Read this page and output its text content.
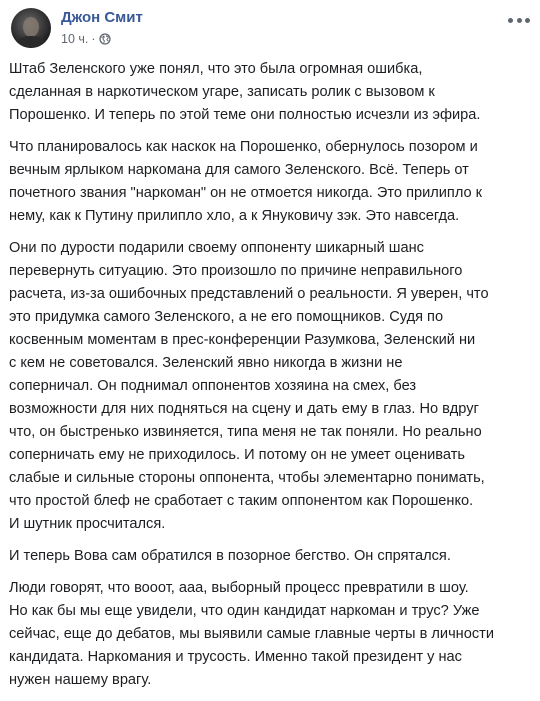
Джон Смит
10 ч. ·

Штаб Зеленского уже понял, что это была огромная ошибка,
сделанная в наркотическом угаре, записать ролик с вызовом к
Порошенко. И теперь по этой теме они полностью исчезли из эфира.

Что планировалось как наскок на Порошенко, обернулось позором и
вечным ярлыком наркомана для самого Зеленского. Всё. Теперь от
почетного звания "наркоман" он не отмоется никогда. Это прилипло к
нему, как к Путину прилипло хло, а к Януковичу зэк. Это навсегда.

Они по дурости подарили своему оппоненту шикарный шанс
перевернуть ситуацию. Это произошло по причине неправильного
расчета, из-за ошибочных представлений о реальности. Я уверен, что
это придумка самого Зеленского, а не его помощников. Судя по
косвенным моментам в прес-конференции Разумкова, Зеленский ни
с кем не советовался. Зеленский явно никогда в жизни не
соперничал. Он поднимал оппонентов хозяина на смех, без
возможности для них подняться на сцену и дать ему в глаз. Но вдруг
что, он быстренько извиняется, типа меня не так поняли. Но реально
соперничать ему не приходилось. И потому он не умеет оценивать
слабые и сильные стороны оппонента, чтобы элементарно понимать,
что простой блеф не сработает с таким оппонентом как Порошенко.
И шутник просчитался.

И теперь Вова сам обратился в позорное бегство. Он спрятался.

Люди говорят, что вооот, ааа, выборный процесс превратили в шоу.
Но как бы мы еще увидели, что один кандидат наркоман и трус? Уже
сейчас, еще до дебатов, мы выявили самые главные черты в личности
кандидата. Наркомания и трусость. Именно такой президент у нас
нужен нашему врагу.
